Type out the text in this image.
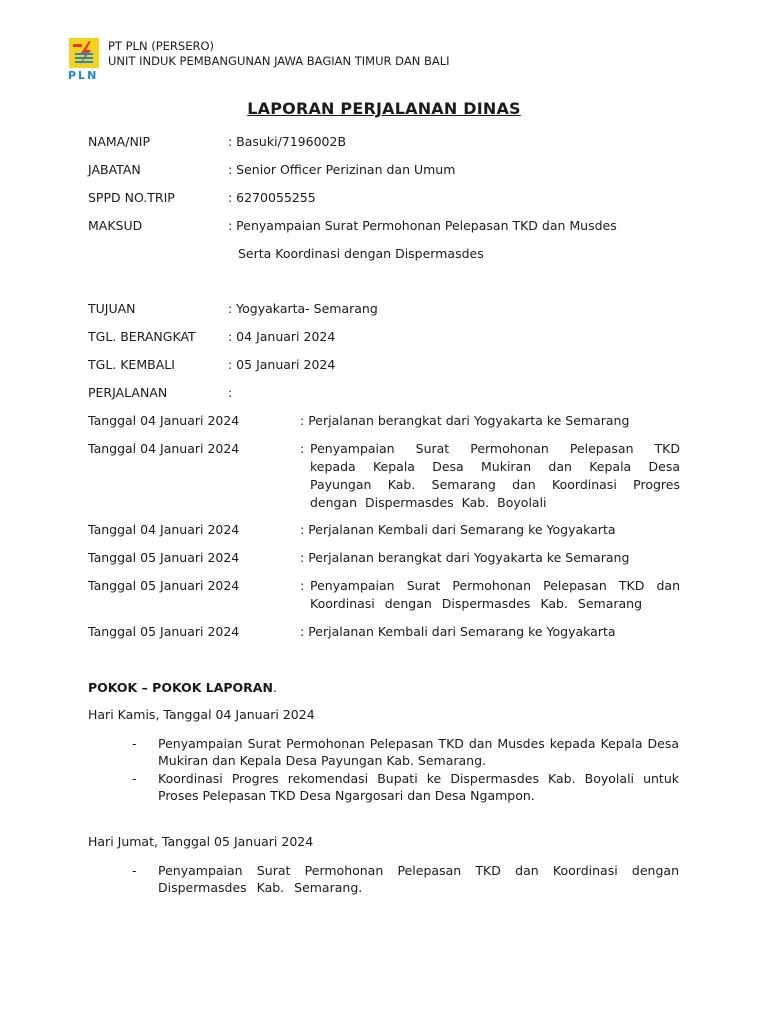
PLN
PT PLN (PERSERO)
UNIT INDUK PEMBANGUNAN JAWA BAGIAN TIMUR DAN BALI
LAPORAN PERJALANAN DINAS
NAMA/NIP	: Basuki/7196002B
JABATAN	: Senior Officer Perizinan dan Umum
SPPD NO.TRIP	: 6270055255
MAKSUD	: Penyampaian Surat Permohonan Pelepasan TKD dan Musdes
Serta Koordinasi dengan Dispermasdes
TUJUAN	: Yogyakarta- Semarang
TGL. BERANGKAT	: 04 Januari 2024
TGL. KEMBALI	: 05 Januari 2024
PERJALANAN	:
Tanggal 04 Januari 2024	: Perjalanan berangkat dari Yogyakarta ke Semarang
Tanggal 04 Januari 2024	: Penyampaian Surat Permohonan Pelepasan TKD kepada Kepala Desa Mukiran dan Kepala Desa Payungan Kab. Semarang dan Koordinasi Progres dengan Dispermasdes Kab. Boyolali
Tanggal 04 Januari 2024	: Perjalanan Kembali dari Semarang ke Yogyakarta
Tanggal 05 Januari 2024	: Perjalanan berangkat dari Yogyakarta ke Semarang
Tanggal 05 Januari 2024	: Penyampaian Surat Permohonan Pelepasan TKD dan Koordinasi dengan Dispermasdes Kab. Semarang
Tanggal 05 Januari 2024	: Perjalanan Kembali dari Semarang ke Yogyakarta
POKOK – POKOK LAPORAN.
Hari Kamis, Tanggal 04 Januari 2024
- Penyampaian Surat Permohonan Pelepasan TKD dan Musdes kepada Kepala Desa Mukiran dan Kepala Desa Payungan Kab. Semarang.
- Koordinasi Progres rekomendasi Bupati ke Dispermasdes Kab. Boyolali untuk Proses Pelepasan TKD Desa Ngargosari dan Desa Ngampon.
Hari Jumat, Tanggal 05 Januari 2024
- Penyampaian Surat Permohonan Pelepasan TKD dan Koordinasi dengan Dispermasdes Kab. Semarang.
